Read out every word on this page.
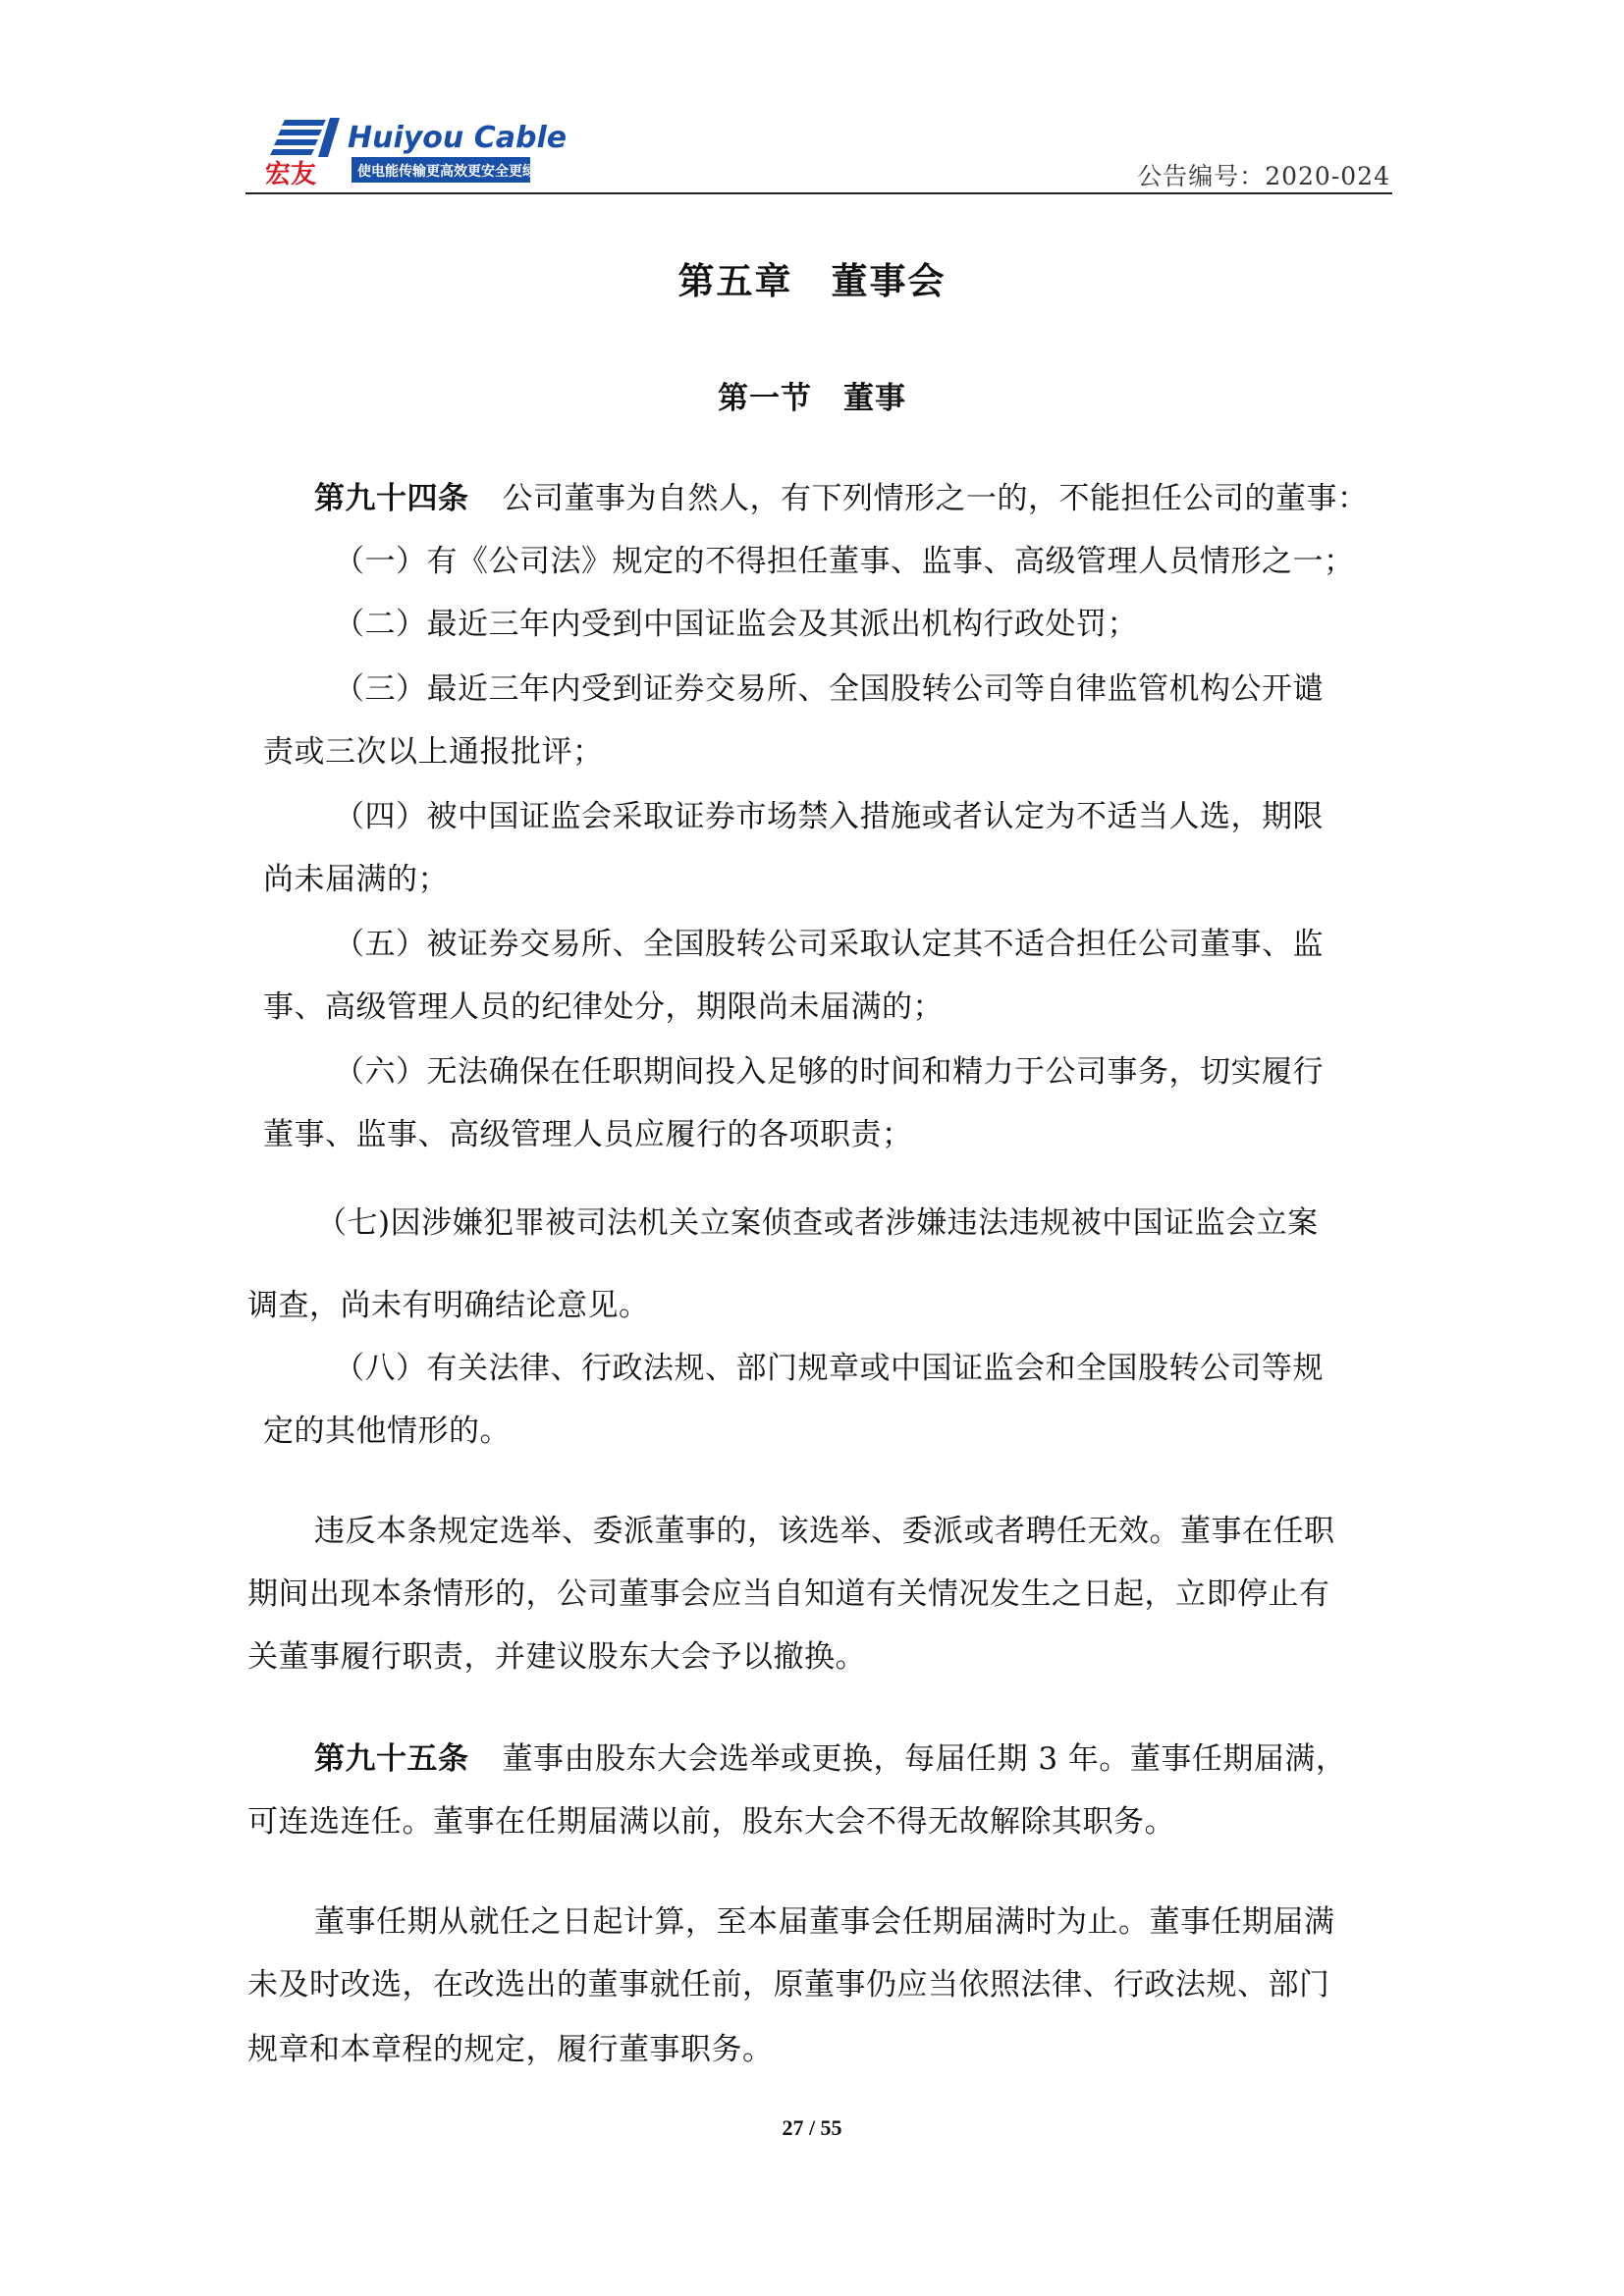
宏友
Huiyou Cable
使电能传输更高效更安全更绿色	公告编号：2020-024
第五章　董事会
第一节　董事
第九十四条 公司董事为自然人，有下列情形之一的，不能担任公司的董事：
（一）有《公司法》规定的不得担任董事、监事、高级管理人员情形之一；
（二）最近三年内受到中国证监会及其派出机构行政处罚；
（三）最近三年内受到证券交易所、全国股转公司等自律监管机构公开谴
责或三次以上通报批评；
（四）被中国证监会采取证券市场禁入措施或者认定为不适当人选，期限
尚未届满的；
（五）被证券交易所、全国股转公司采取认定其不适合担任公司董事、监
事、高级管理人员的纪律处分，期限尚未届满的；
（六）无法确保在任职期间投入足够的时间和精力于公司事务，切实履行
董事、监事、高级管理人员应履行的各项职责；
（七)因涉嫌犯罪被司法机关立案侦查或者涉嫌违法违规被中国证监会立案
调查，尚未有明确结论意见。
（八）有关法律、行政法规、部门规章或中国证监会和全国股转公司等规
定的其他情形的。
违反本条规定选举、委派董事的，该选举、委派或者聘任无效。董事在任职
期间出现本条情形的，公司董事会应当自知道有关情况发生之日起，立即停止有
关董事履行职责，并建议股东大会予以撤换。
第九十五条 董事由股东大会选举或更换，每届任期 3 年。董事任期届满，
可连选连任。董事在任期届满以前，股东大会不得无故解除其职务。
董事任期从就任之日起计算，至本届董事会任期届满时为止。董事任期届满
未及时改选，在改选出的董事就任前，原董事仍应当依照法律、行政法规、部门
规章和本章程的规定，履行董事职务。
27 / 55
